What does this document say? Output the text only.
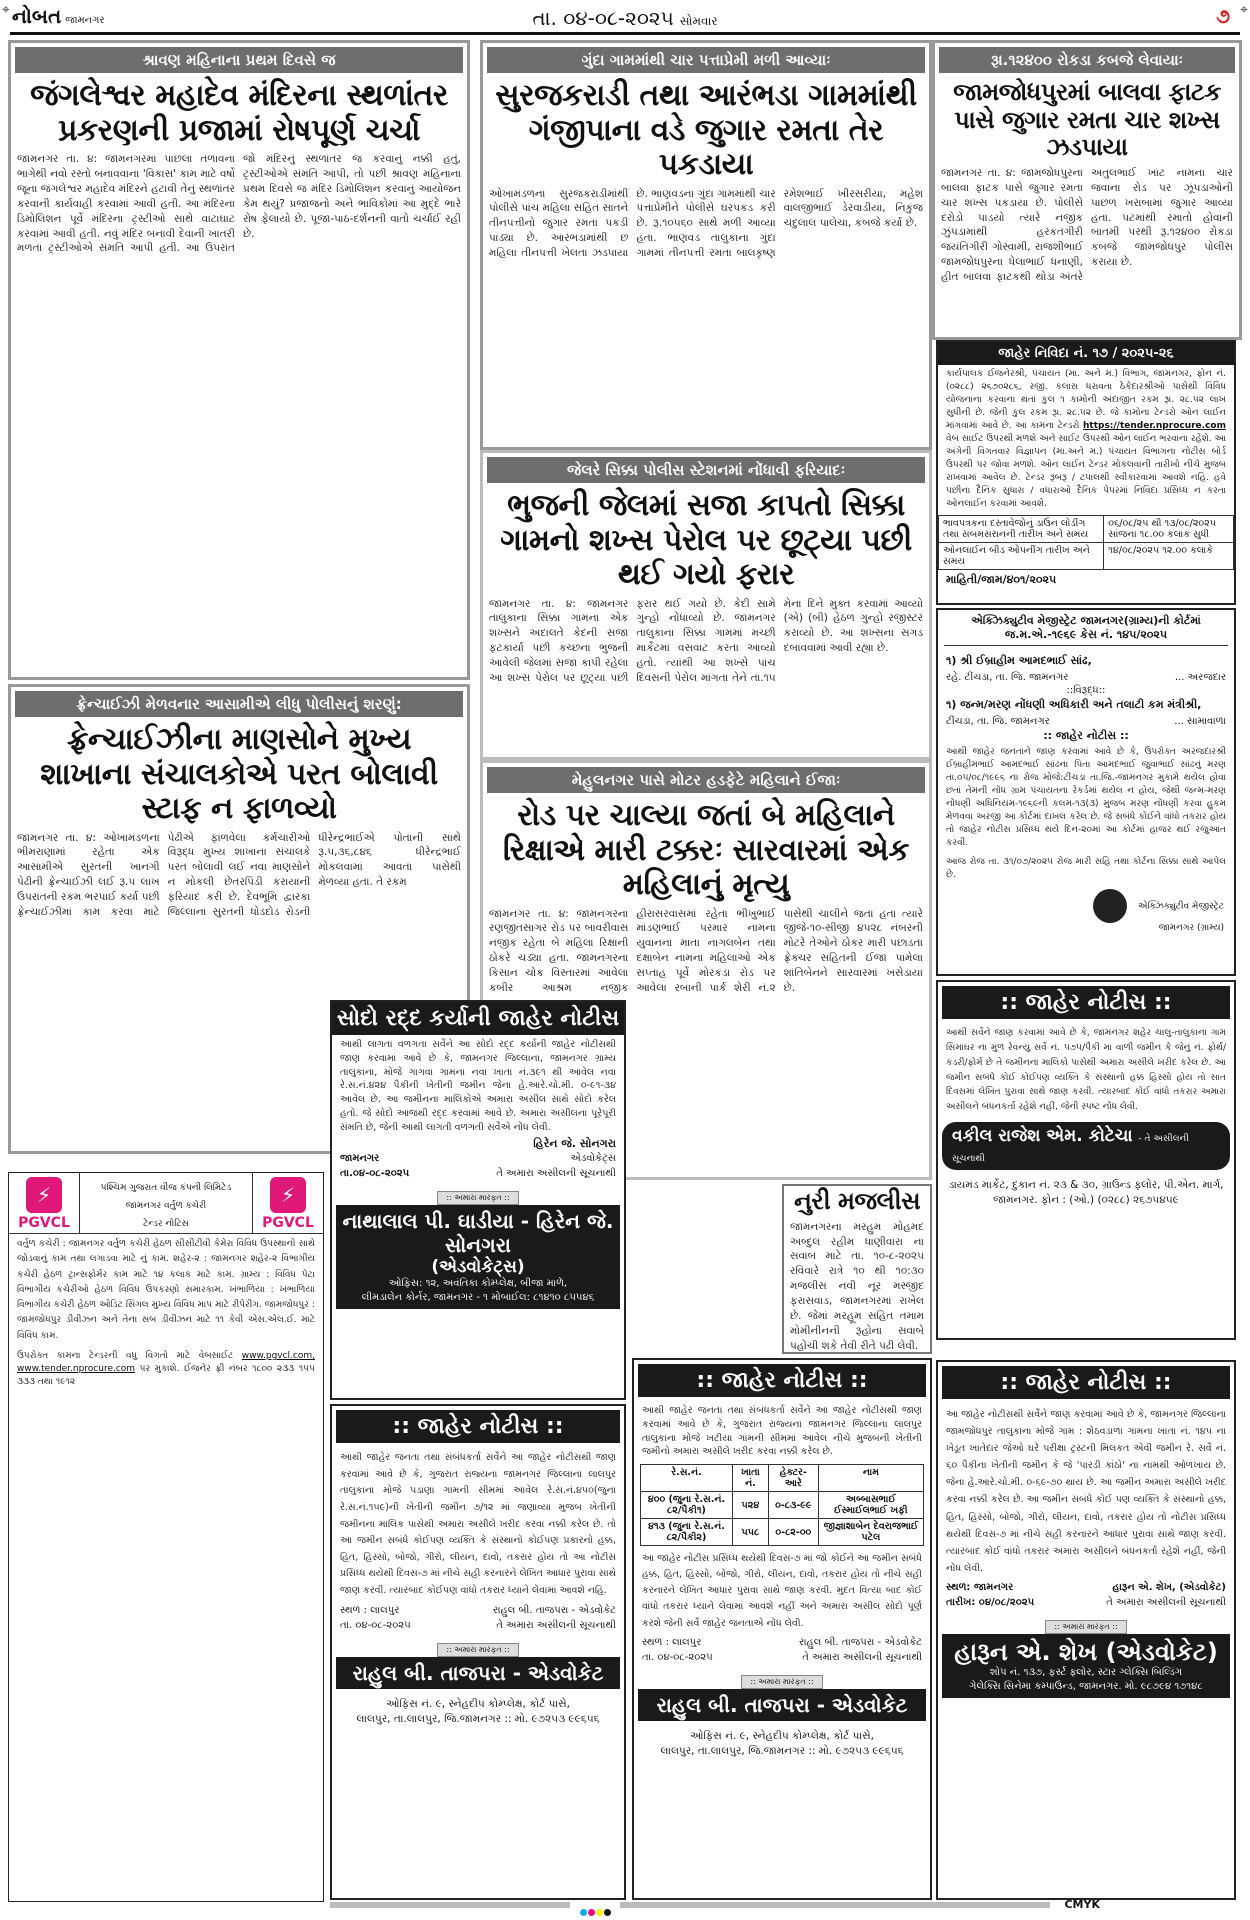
નોબત જામનગર	તા. ૦૪-૦૮-૨૦૨૫ સોમવાર	૭
⌖	⌖
શ્રાવણ મહિનાના પ્રથમ દિવસે જ
જંગલેશ્વર મહાદેવ મંદિરના સ્થળાંતર પ્રકરણની પ્રજામાં રોષપૂર્ણ ચર્ચા
જામનગર તા. ૪: જામનગરમાં પાછલા તળાવના ભાગેથી નવો રસ્તો બનાવવાના 'વિકાસ' કામ માટે વર્ષો જૂના જંગલેશ્વર મહાદેવ મંદિરને હટાવી તેનું સ્થળાંતર કરવાની કાર્યવાહી કરવામાં આવી હતી. આ મંદિરના ડિમોલિશન પૂર્વે મંદિરના ટ્રસ્ટીઓ સાથે વાટાઘાટ કરવામાં આવી હતી. નવું મંદિર બનાવી દેવાની ખાતરી મળતા ટ્રસ્ટીઓએ સંમતિ આપી હતી. આ ઉપરાંત જો મંદિરનું સ્થળાંતર જ કરવાનું નક્કી હતું, ટ્રસ્ટીઓએ સંમતિ આપી, તો પછી શ્રાવણ મહિનાના પ્રથમ દિવસે જ મંદિર ડિમોલિશન કરવાનું આયોજન કેમ થયું? પ્રજાજનો અને ભાવિકોમાં આ મુદ્દે ભારે રોષ ફેલાયો છે. પૂજા-પાઠ-દર્શનની વાતો ચર્ચાઈ રહી છે.
ગુંદા ગામમાંથી ચાર પત્તાપ્રેમી મળી આવ્યાઃ
સુરજકરાડી તથા આરંભડા ગામમાંથી ગંજીપાના વડે જુગાર રમતા તેર પકડાયા
ઓખામંડળના સુરજકરાડીમાંથી પોલીસે પાંચ મહિલા સહિત સાતને તીનપત્તીનો જુગાર રમતા પકડી પાડ્યા છે. આરંભડામાંથી છ મહિલા તીનપત્તી ખેલતા ઝડપાયા છે. ભાણવડના ગુંદા ગામમાંથી ચાર પત્તાપ્રેમીને પોલીસે ઘરપકડ કરી છે. રૂ.૧૦૫૬૦ સાથે મળી આવ્યા હતા. ભાણવડ તાલુકાના ગુંદા ગામમાં તીનપત્તી રમતા બાલકૃષ્ણ રમેશભાઈ ખીરસરીયા, મહેશ વાલજીભાઈ ડેરવાડીયા, નિકુંજ ચંદુલાલ પાલેચા, કબજે કર્યા છે.
જેલરે સિક્કા પોલીસ સ્ટેશનમાં નોંધાવી ફરિયાદઃ
ભુજની જેલમાં સજા કાપતો સિક્કા ગામનો શખ્સ પેરોલ પર છૂટ્યા પછી થઈ ગયો ફરાર
જામનગર તા. ૪: જામનગર તાલુકાના સિક્કા ગામના એક શખ્સને અદાલતે કેદની સજા ફટકાર્યા પછી કચ્છના ભુજની આવેલી જેલમાં સજા કાપી રહેલા આ શખ્સ પેરોલ પર છૂટ્યા પછી ફરાર થઈ ગયો છે. કેદી સામે ગુન્હો નોંધાવ્યો છે. જામનગર તાલુકાના સિક્કા ગામમાં મચ્છી માર્કેટમાં વસવાટ કરતા આવ્યો હતો. ત્યાંથી આ શખ્સે પાંચ દિવસની પેરોલ માંગતા તેને તા.૧૫ મેના દિને મુક્ત કરવામાં આવ્યો (એ) (બી) હેઠળ ગુન્હો રજીસ્ટર કરાવ્યો છે. આ શખ્સના સગડ દબાવવામાં આવી રહ્યા છે.
રૂા.૧૨૪૦૦ રોકડા કબજે લેવાયાઃ
જામજોધપુરમાં બાલવા ફાટક પાસે જુગાર રમતા ચાર શખ્સ ઝડપાયા
જામનગર તા. ૪: જામજોધપુરના બાલવા ફાટક પાસે જુગાર રમતા ચાર શખ્સ પકડાયા છે. પોલીસે દરોડો પાડયો ત્યારે નજીક ઝુંપડામાંથી હરકતગીરી જયંતિગીરી ગોસ્વામી, રાજશીભાઈ જામજોધપુરના ધેલાભાઈ ધનાણી, હીત બાલવા ફાટકથી થોડા અંતરે અતુલભાઈ ખાંટ નામના ચાર જવાના રોડ પર ઝૂંપડાઓની પાછળ ખરાબામાં જુગાર આવ્યા હતા. પટમાંથી રમાતો હોવાની બાતમી પરથી રૂ.૧૨૪૦૦ રોકડા કબજે જામજોધપુર પોલીસ કરાયા છે.
જાહેર નિવિદા નં. ૧૭ / ૨૦૨૫-૨૬
કાર્યપાલક ઈજનેરશ્રી, પંચાયત (મા. અને મ.) વિભાગ, જામનગર, ફોન નં. (૦૨૮૮) ૨૬૭૦૨૮૬, રજી. કલાસ ધરાવતા ઠેકેદારશ્રીઓ પાસેથી વિવિધ યોજનાના કરવાના થતાં કુલ ૧ કામોની અંદાજીત રકમ રૂા. ૨૮.૫૨ લાખ સુધીની છે. જેની કુલ રકમ રૂા. ૨૮.૫૨ છે. જે કામોના ટેન્ડરો ઓન લાઈન માંગવામાં આવે છે. આ કામના ટેન્ડરો https://tender.nprocure.com વેબ સાઈટ ઉપરથી મળશે અને સાઈટ ઉપરથી ઓન લાઈન ભરવાના રહેશે. આ અંગેની વિગતવાર વિજ્ઞાપન (મા.અને મ.) પંચાયત વિભાગના નોટીસ બોર્ડ ઉપરથી પર જોવા મળશે. ઓન લાઈન ટેન્ડર મોકલવાની તારીખો નીચે મુજબ રાખવામાં આવેલ છે. ટેન્ડર રૂબરૂ / ટપાલથી સ્વીકારવામાં આવશે નહિ. હવે પછીના દૈનિક સુધારા / વધારાઓ દૈનિક પેપરમાં નિવિદા પ્રસિધ્ધ ન કરતા ઓનલાઈન કરવામાં આવશે.
ભાવપત્રકના દસ્તાવેજોનું ડાઉન લોડીંગ તથા સબમસરાનની તારીખ અને સમય	૦૬/૦૮/૨૫ થી ૧૩/૦૮/૨૦૨૫ સાંજના ૧૮.૦૦ કલાક સુધી
ઓનલાઈન બીડ ઓપનીંગ તારીખ અને સમય	૧૪/૦૮/૨૦૨૫ ૧૨.૦૦ કલાકે
માહિતી/જામ/૪૦૧/૨૦૨૫
એક્ઝિક્યુટીવ મેજીસ્ટ્રેટ જામનગર(ગ્રામ્ય)ની કોર્ટમાં
જ.મ.એ.-૧૯૬૯ કેસ નં. ૧૪૫/૨૦૨૫
૧) શ્રી ઈબ્રાહીમ આમદભાઈ સાંઢ,
રહે. ટીંચડા, તા. જિ. જામનગર	... અરજદાર
::વિરૂદ્ધ::
૧) જન્મ/મરણ નોંધણી અધિકારી અને તલાટી કમ મંત્રીશ્રી,
ટીંચડા, તા. જિ. જામનગર	... સામાવાળા
:: જાહેર નોટીસ ::
આથી જાહેર જનતાને જાણ કરવામાં આવે છે કે, ઉપરોક્ત અરજદારશ્રી ઈબ્રાહીમભાઈ આમદભાઈ સાંઢના પિતા આમદભાઈ જુવાભાઈ સાંઢનું મરણ તા.૦૫/૦૮/૧૯૯૬ ના રોજ મોજે:ટીંચડા તા.જિ.-જામનગર મુકામે થયેલ હોવા છતાં તેમની નોંધ ગ્રામ પંચાયતના રેકર્ડમાં થયેલ ન હોય, જેથી જન્મ-મરણ નોંધણી અધિનિયમ-૧૯૬૯ની કલમ-૧૩(૩) મુજબ મરણ નોંધણી કરવા હુકમ મેળવવા અરજી આ કોર્ટમાં દાખલ કરેલ છે. જે સબંધે કોઈને વાંધો તકરાર હોય તો જાહેર નોટીસ પ્રસિધ્ધ થયે દિન-૨૦માં આ કોર્ટમાં હાજર થઈ રજુઆત કરવી.
આજ રોજ તા. ૩૧/૦૭/૨૦૨૫ રોજ મારી સહિ તથા કોર્ટના સિક્કા સાથે આપેલ છે.
એક્ઝિક્યુટીવ મેજીસ્ટ્રેટ
જામનગર (ગ્રામ્ય)
ફ્રેન્ચાઈઝી મેળવનાર આસામીએ લીધુ પોલીસનું શરણું:
ફ્રેન્ચાઈઝીના માણસોને મુખ્ય શાખાના સંચાલકોએ પરત બોલાવી સ્ટાફ ન ફાળવ્યો
જામનગર તા. ૪: ઓખામંડળના ભીમરાણામાં રહેતા એક આસામીએ સુરતની ખાનગી પેઢીની ફ્રેન્ચાઈઝી લઈ રૂ.૫ લાખ ઉપરાંતની રકમ ભરપાઈ કર્યા પછી ફ્રેન્ચાઈઝીમાં કામ કરવા માટે પેઢીએ ફાળવેલા કર્મચારીઓ વિરૂદ્ધ મુખ્ય શાખાના સંચાલકે પરત બોલાવી લઈ નવા માણસોને ન મોકલી છેતરપિંડી કરાયાની ફરિયાદ કરી છે. દેવભૂમિ દ્વારકા જિલ્લાના સુરતની ધોડદોડ રોડની ધીરેન્દ્રભાઈએ પોતાની સાથે રૂ.૫,૩૬,૮૪૬ ધીરેન્દ્રભાઈ મોકલવામાં આવતા પાસેથી મેળવ્યા હતા. તે રકમ
મેહુલનગર પાસે મોટર હડફેટે મહિલાને ઈજાઃ
રોડ પર ચાલ્યા જતાં બે મહિલાને રિક્ષાએ મારી ટક્કરઃ સારવારમાં એક મહિલાનું મૃત્યુ
જામનગર તા. ૪: જામનગરના રણજીતસાગર રોડ પર બાવરીવાસ નજીક રહેતા બે મહિલા રિક્ષાની ઠોકરે ચડ્યા હતા. જામનગરના કિસાન ચોક વિસ્તારમાં આવેલા કબીર આશ્રમ નજીક હીરાસરવાસમાં રહેતા ભીખુભાઈ માંડણભાઈ પરમાર નામના યુવાનના માતા નાગલબેન તથા દક્ષાબેન નામના મહિલાઓ એક સપ્તાહ પૂર્વે મોરકંડા રોડ પર આવેલા રબાની પાર્ક શેરી નં.૨ પાસેથી ચાલીને જતા હતા ત્યારે જીજે-૧૦-સીજી ૪૫૨૮ નંબરની મોટરે તેઓને ઠોકર મારી પછાડતા ફ્રેક્ચર સહિતની ઈજા પામેલા શાંતિબેનને સારવારમાં ખસેડાયા છે.
નુરી મજલીસ
જામનગરના મરહુમ મોહમદ અબ્દુલ રહીમ ધાણીવારા ના સવાબ માટે તા. ૧૦-૮-૨૦૨૫ રવિવારે રાત્રે ૧૦ થી ૧૦:૩૦ મજલીસ નવી નૂર મસ્જીદ ફરાસવાડ, જામનગરમાં રાખેલ છે. જેમાં મરહૂમ સહિત તમામ મોમીનીનની રૂહોના સવાબે પહોંચી શકે તેવી રીતે પઢી લેવી.
સોદો રદ્દ કર્યાની જાહેર નોટીસ
આથી લાગતા વળગતા સર્વેને આ સોદો રદ્દ કર્યાની જાહેર નોટીસથી જાણ કરવામાં આવે છે કે, જામનગર જિલ્લાના, જામનગર ગ્રામ્ય તાલુકાના, મોજે ગાગવા ગામના નવા ખાતા નં.૩૯૧ થી આવેલ નવા રે.સ.નં.૪૨૪ પૈકીની ખેતીની જમીન જેના હે.આરે.ચો.મી. ૦-૯૧-૩૪ આવેલ છે. આ જમીનના માલિકોએ અમારા અસીલ સાથે સોદો કરેલ હતો. જે સોદો આજથી રદ્દ કરવામાં આવે છે. અમારા અસીલના પૂરેપૂરી સંમતિ છે, જેની આથી લાગતી વળગતી સર્વેએ નોંધ લેવી.
હિરેન જે. સોનગરા
જામનગર	એડવોકેટ્સ
તા.૦૪-૦૮-૨૦૨૫	તે અમારા અસીલની સૂચનાથી
:: અમારા મારફત ::
નાથાલાલ પી. ઘાડીયા - હિરેન જે. સોનગરા
(એડવોકેટ્સ)
ઓફિસ: ૧૨, અવંતિકા કોમ્પ્લેક્ષ, બીજા માળે,
લીમડાલેન કોર્નર, જામનગર - ૧ મોબાઈલ: ૮૧૪૧૦ ૮૫૫૪૬
⚡
PGVCL
પશ્ચિમ ગુજરાત વીજ કંપની લિમિટેડ
જામનગર વર્તુળ કચેરી
ટેન્ડર નોટિસ
⚡	PGVCL
વર્તુળ કચેરી : જામનગર વર્તુળ કચેરી હેઠળ સીસીટીવી કેમેરા વિવિધ ઉપસ્થાનો સાથે જોડવાનું કામ તથા લગાડવા માટે નું કામ. શહેર-૨ : જામનગર શહેર-૨ વિભાગીય કચેરી હેઠળ ટ્રાન્સફોર્મર કામ માટે ૧૪ કલાક માટે કામ. ગ્રામ્ય : વિવિધ પેટા વિભાગીય કચેરીઓ હેઠળ વિવિધ ઉપકરણો સમારકામ. ખંભાળિયા : ખંભાળિયા વિભાગીય કચેરી હેઠળ ઓડિટ સિંગલ મુખ્ય વિવિધ માપ માટે રીપેરીંગ. જામજોધપુર : જામજોધપુર ડીવીઝન અને તેના સબ ડીવીઝન માટે ૧૧ કેવી એસ.એલ.ઈ. માટે વિવિધ કામ.
ઉપરોક્ત કામના ટેન્ડરની વધુ વિગતો માટે વેબસાઈટ www.pgvcl.com, www.tender.nprocure.com પર મુકાશે. ઈજનેર ફ્રી નંબર ૧૮૦૦ ૨૩૩ ૧૫૫ ૩૩૩ તથા ૧૯૧૨
:: જાહેર નોટીસ ::
આથી જાહેર જનતા તથા સંબંધકર્તા સર્વેને આ જાહેર નોટીસથી જાણ કરવામાં આવે છે કે, ગુજરાત રાજ્યના જામનગર જિલ્લાના લાલપુર તાલુકાના મોજે પડાણા ગામની સીમમાં આવેલ રે.સ.નં.૪૫૦(જુના રે.સ.નં.૧૫૯)ની ખેતીની જમીન ૭/૧૨ માં જણાવ્યા મુજબ ખેતીની જમીનના માલિક પાસેથી અમારા અસીલે ખરીદ કરવા નક્કી કરેલ છે. તો આ જમીન સબંધે કોઈપણ વ્યક્તિ કે સંસ્થાનો કોઈપણ પ્રકારનો હક્ક, હિત, હિસ્સો, બોજો, ગીરો, લીયન, દાવો, તકરાર હોય તો આ નોટીસ પ્રસિધ્ધ થયેથી દિવસ-૭ માં નીચે સહી કરનારને લેખિત આધાર પુરાવા સાથે જાણ કરવી. ત્યારબાદ કોઈપણ વાંધો તકરાર ધ્યાને લેવામાં આવશે નહિ.
સ્થળ : લાલપુર	રાહુલ બી. તાજપરા - એડવોકેટ
તા. ૦૪-૦૮-૨૦૨૫	તે અમારા અસીલની સૂચનાથી
:: અમારા મારફત ::
રાહુલ બી. તાજપરા - એડવોકેટ
ઓફિસ નં. ૯, સ્નેહદીપ કોમ્પ્લેક્ષ, કોર્ટ પાસે,
લાલપુર, તા.લાલપુર, જિ.જામનગર :: મો. ૯૭૨૫૩ ૯૯૬૫૬
:: જાહેર નોટીસ ::
આથી જાહેર જનતા તથા સંબંધકર્તા સર્વેને આ જાહેર નોટીસથી જાણ કરવામાં આવે છે કે, ગુજરાત રાજ્યના જામનગર જિલ્લાના લાલપુર તાલુકાના મોજે ખટીયા ગામની સીમમાં આવેલ નીચે મુજબની ખેતીની જમીનો અમારા અસીલે ખરીદ કરવા નક્કી કરેલ છે.
રે.સ.નં.	ખાતા નં.	હેક્ટર-આરે	નામ
૪૦૦ (જુના રે.સ.નં. ૮૨/પૈકી૧)	૫૨૪	૦-૮૩-૯૯	અબ્બાસભાઈ ઈસ્માઈલભાઈ ખફી
૪૧૩ (જુના રે.સ.નં. ૮૨/પૈકી૨)	૫૫૮	૦-૮૨-૦૦	જીજ્ઞાશાબેન દેવરાજભાઈ પટેલ
આ જાહેર નોટીસ પ્રસિધ્ધ થયેથી દિવસ-૭ માં જો કોઈને આ જમીન સબંધે હક્ક, હિત, હિસ્સો, બોજો, ગીરો, લીયન, દાવો, તકરાર હોય તો નીચે સહી કરનારને લેખિત આધાર પુરાવા સાથે જાણ કરવી. મુદત વિત્યા બાદ કોઈ વાંધો તકરાર ધ્યાને લેવામાં આવશે નહીં અને અમારા અસીલ સોદો પૂર્ણ કરશે જેની સર્વે જાહેર જનતાએ નોંધ લેવી.
સ્થળ : લાલપુર	રાહુલ બી. તાજપરા - એડવોકેટ
તા. ૦૪-૦૮-૨૦૨૫	તે અમારા અસીલની સૂચનાથી
:: અમારા મારફત ::
રાહુલ બી. તાજપરા - એડવોકેટ
ઓફિસ નં. ૯, સ્નેહદીપ કોમ્પ્લેક્ષ, કોર્ટ પાસે,
લાલપુર, તા.લાલપુર, જિ.જામનગર :: મો. ૯૭૨૫૩ ૯૯૬૫૬
:: જાહેર નોટીસ ::
આથી સર્વેને જાણ કરવામાં આવે છે કે, જામનગર શહેર ચાલુ-તાલુકાના ગામ સિમાઘર ના મુળ રેવન્યુ સર્વે નં. ૫૭૫/પૈકી મા વાળી જમીન કે જેનું નં. ફોર્થ/કંડરી/ફોર્મ છે તે જમીનના માલિકો પાસેથી અમારા અસીલે ખરીદ કરેલ છે. આ જમીન સબંધે કોઈ કોઈપણ વ્યક્તિ કે સંસ્થાનો હક્ક હિસ્સો હોય તો સાત દિવસમાં લેખિત પુરાવા સાથે જાણ કરવી. ત્યારબાદ કોઈ વાંધો તકરાર અમારા અસીલને બંધનકર્તા રહેશે નહીં, જેની સ્પષ્ટ નોંધ લેવી.
વકીલ રાજેશ એમ. કોટેચા - તે અસીલની સૂચનાથી
ડાયમંડ માર્કેટ, દુકાન નં. ૨૩ & ૩૦, ગ્રાઉન્ડ ફ્લોર, પી.એન. માર્ગ,
જામનગર. ફોન : (ઓ.) (૦૨૮૮) ૨૬૭૫૪૫૯
:: જાહેર નોટીસ ::
આ જાહેર નોટીસથી સર્વેને જાણ કરવામાં આવે છે કે, જામનગર જિલ્લાના જામજોધપુર તાલુકાના મોજે ગામ : શેઠવડાળા ગામના ખાતા નં. ૧૪૫ ના ખેડૂત ખાતેદાર જેઓ ઘરે પરીક્ષા ટ્રસ્ટની મિલકત એવી જમીન રે. સર્વે નં. ૬૦ પૈકીના ખેતીની જમીન કે જે 'પારડી કાંઠો' ના નામથી ઓળખાય છે. જેના હે.આરે.ચો.મી. ૦-૬૯-૭૦ થાય છે. આ જમીન અમારા અસીલે ખરીદ કરવા નક્કી કરેલ છે. આ જમીન સબંધે કોઈ પણ વ્યક્તિ કે સંસ્થાનો હક્ક, હિત, હિસ્સો, બોજો, ગીરો, લીયન, દાવો, તકરાર હોય તો નોટીસ પ્રસિધ્ધ થયેથી દિવસ-૭ માં નીચે સહી કરનારને આધાર પુરાવા સાથે જાણ કરવી. ત્યારબાદ કોઈ વાંધો તકરાર અમારા અસીલને બંધનકર્તા રહેશે નહીં, જેની નોંધ લેવી.
સ્થળ: જામનગર	હારૂન એ. શેખ, (એડવોકેટ)
તારીખ: ૦૪/૦૮/૨૦૨૫	તે અમારા અસીલની સૂચનાથી
:: અમારા મારફત ::
હારૂન એ. શેખ (એડવોકેટ)
શોપ નં. ૧૩૭, ફર્સ્ટ ફ્લોર, સ્ટાર ગ્લેક્સિ બિલ્ડિંગ
ગેલેક્સિ સિનેમા કમ્પાઉન્ડ, જામનગર. મો. ૯૮૭૯૪ ૧૭૧૪૮
CMYK
